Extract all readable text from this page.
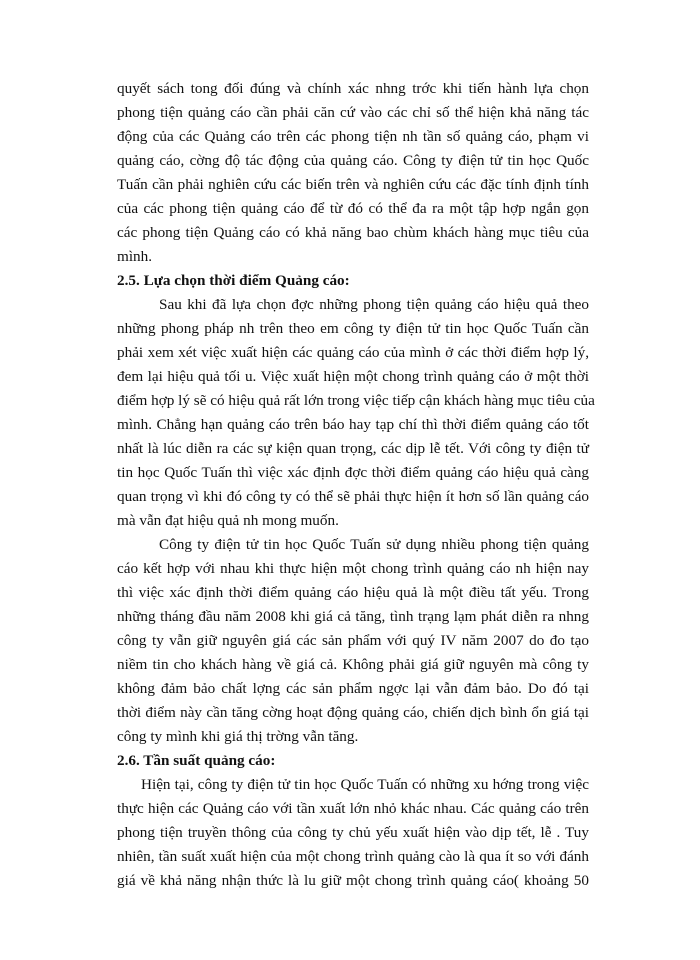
quyết sách tong đối đúng và chính xác nhng trớc khi tiến hành lựa chọn
phong tiện quảng cáo cần phải căn cứ vào các chỉ số thể hiện khả năng tác
động của các Quảng cáo trên các phong tiện nh tần số quảng cáo, phạm vi
quảng cáo, cờng độ tác động của quảng cáo. Công ty điện tử tin học Quốc
Tuấn cần phải nghiên cứu các biến trên và nghiên cứu các đặc tính định tính
của các phong tiện quảng cáo để từ đó có thể đa ra một tập hợp ngắn gọn
các phong tiện Quảng cáo có khả năng bao chùm khách hàng mục tiêu của
mình.
2.5. Lựa chọn thời điểm Quảng cáo:
Sau khi đã lựa chọn đợc những phong tiện quảng cáo hiệu quả theo
những phong pháp nh trên theo em công ty điện tử tin học Quốc Tuấn cần
phải xem xét việc xuất hiện các quảng cáo của mình ở các thời điểm hợp lý,
đem lại hiệu quả tối u. Việc xuất hiện một chong trình quảng cáo ở một thời
điểm hợp lý sẽ có hiệu quả rất lớn trong việc tiếp cận khách hàng mục tiêu của
mình. Chẳng hạn quảng cáo trên báo hay tạp chí thì thời điểm quảng cáo tốt
nhất là lúc diễn ra các sự kiện quan trọng, các dịp lễ tết. Với công ty điện tử
tin học Quốc Tuấn thì việc xác định đợc thời điểm quảng cáo hiệu quả càng
quan trọng vì khi đó công ty có thể sẽ phải thực hiện ít hơn số lần quảng cáo
mà vẫn đạt hiệu quả nh mong muốn.
Công ty điện tử tin học Quốc Tuấn sử dụng nhiều phong tiện quảng
cáo kết hợp với nhau khi thực hiện một chong trình quảng cáo nh hiện nay
thì việc xác định thời điểm quảng cáo hiệu quả là một điều tất yếu. Trong
những tháng đầu năm 2008 khi giá cả tăng, tình trạng lạm phát diễn ra nhng
công ty vẫn giữ nguyên giá các sản phẩm với quý IV năm 2007 do đo tạo
niềm tin cho khách hàng về giá cả. Không phải giá giữ nguyên mà công ty
không đảm bảo chất lợng các sản phẩm ngợc lại vẫn đảm bảo. Do đó tại
thời điểm này cần tăng cờng hoạt động quảng cáo, chiến dịch bình ổn giá tại
công ty mình khi giá thị trờng vẫn tăng.
2.6. Tần suất quảng cáo:
Hiện tại, công ty điện tử tin học Quốc Tuấn có những xu hớng trong việc
thực hiện các Quảng cáo với tần xuất lớn nhỏ khác nhau. Các quảng cáo trên
phong tiện truyền thông của công ty chủ yếu xuất hiện vào dịp tết, lễ . Tuy
nhiên, tần suất xuất hiện của một chong trình quảng cào là qua ít so với đánh
giá về khả năng nhận thức là lu giữ một chong trình quảng cáo( khoảng 50
